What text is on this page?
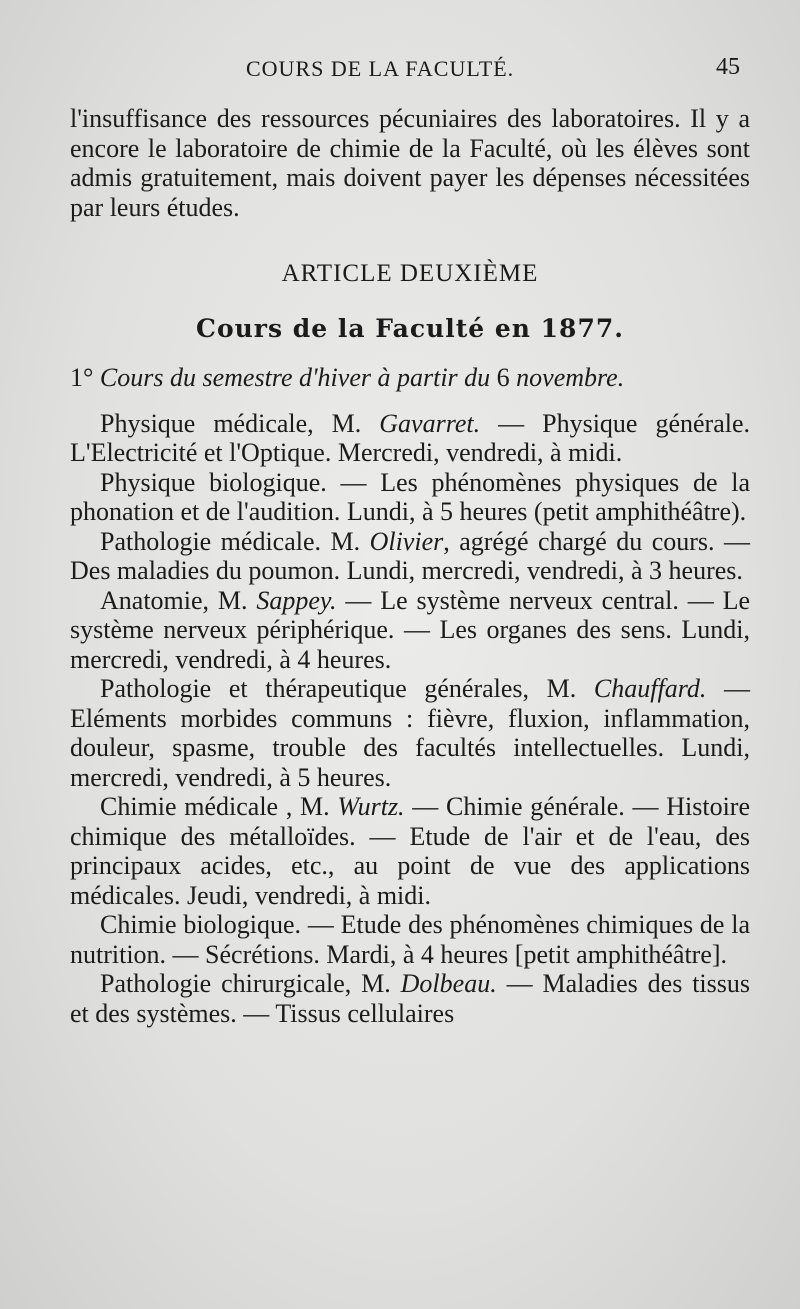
COURS DE LA FACULTÉ.	45

l'insuffisance des ressources pécuniaires des laboratoires. Il y a encore le laboratoire de chimie de la Faculté, où les élèves sont admis gratuitement, mais doivent payer les dépenses nécessitées par leurs études.

ARTICLE DEUXIÈME
Cours de la Faculté en 1877.

1° Cours du semestre d'hiver à partir du 6 novembre.

Physique médicale, M. Gavarret. — Physique générale. L'Electricité et l'Optique. Mercredi, vendredi, à midi.

Physique biologique. — Les phénomènes physiques de la phonation et de l'audition. Lundi, à 5 heures (petit amphithéâtre).

Pathologie médicale. M. Olivier, agrégé chargé du cours. — Des maladies du poumon. Lundi, mercredi, vendredi, à 3 heures.

Anatomie, M. Sappey. — Le système nerveux central. — Le système nerveux périphérique. — Les organes des sens. Lundi, mercredi, vendredi, à 4 heures.

Pathologie et thérapeutique générales, M. Chauffard. — Eléments morbides communs : fièvre, fluxion, inflammation, douleur, spasme, trouble des facultés intellectuelles. Lundi, mercredi, vendredi, à 5 heures.

Chimie médicale , M. Wurtz. — Chimie générale. — Histoire chimique des métalloïdes. — Etude de l'air et de l'eau, des principaux acides, etc., au point de vue des applications médicales. Jeudi, vendredi, à midi.

Chimie biologique. — Etude des phénomènes chimiques de la nutrition. — Sécrétions. Mardi, à 4 heures [petit amphithéâtre].

Pathologie chirurgicale, M. Dolbeau. — Maladies des tissus et des systèmes. — Tissus cellulaires
